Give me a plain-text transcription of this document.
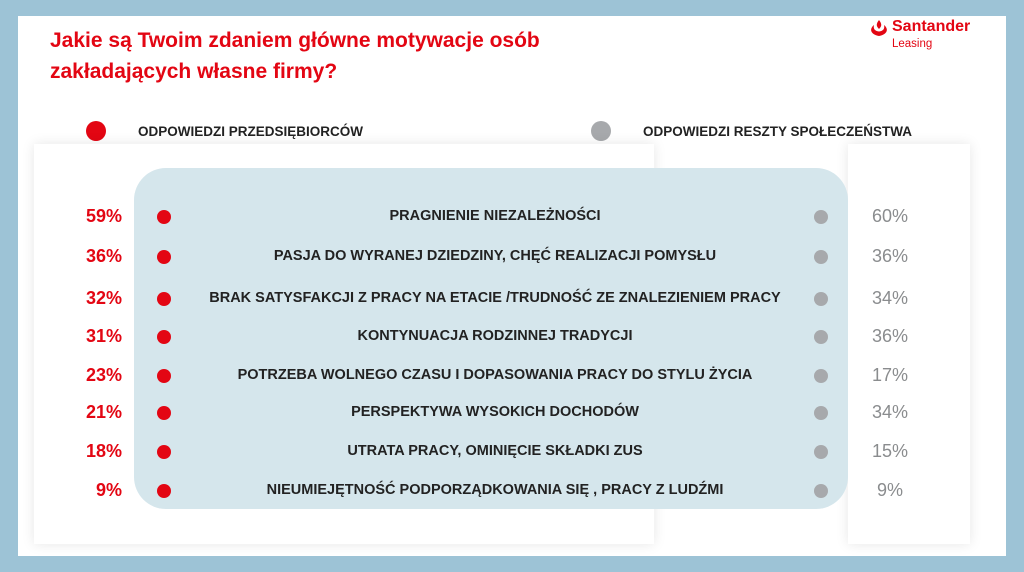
Jakie są Twoim zdaniem główne motywacje osób zakładających własne firmy?
Santander
Leasing
ODPOWIEDZI PRZEDSIĘBIORCÓW	ODPOWIEDZI RESZTY SPOŁECZEŃSTWA
59%	PRAGNIENIE NIEZALEŻNOŚCI	60%
36%	PASJA DO WYRANEJ DZIEDZINY, CHĘĆ REALIZACJI POMYSŁU	36%
32%	BRAK SATYSFAKCJI Z PRACY NA ETACIE /TRUDNOŚĆ ZE ZNALEZIENIEM PRACY	34%
31%	KONTYNUACJA RODZINNEJ TRADYCJI	36%
23%	POTRZEBA WOLNEGO CZASU I DOPASOWANIA PRACY DO STYLU ŻYCIA	17%
21%	PERSPEKTYWA WYSOKICH DOCHODÓW	34%
18%	UTRATA PRACY, OMINIĘCIE SKŁADKI ZUS	15%
9%	NIEUMIEJĘTNOŚĆ PODPORZĄDKOWANIA SIĘ , PRACY Z LUDŹMI	9%
